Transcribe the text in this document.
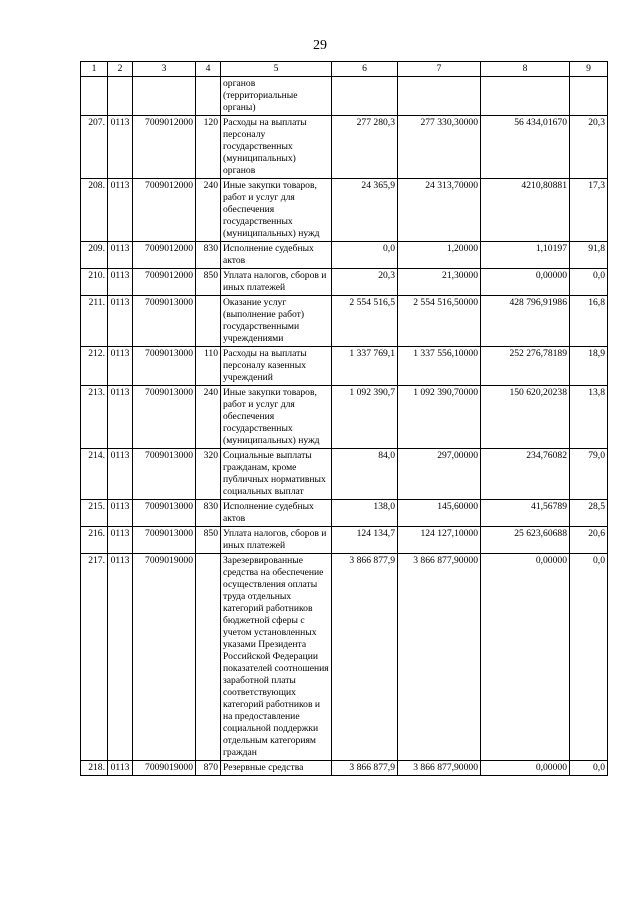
29
1	2	3	4	5	6	7	8	9
				органов (территориальные органы)				
207.	0113	7009012000	120	Расходы на выплаты персоналу государственных (муниципальных) органов	277 280,3	277 330,30000	56 434,01670	20,3
208.	0113	7009012000	240	Иные закупки товаров, работ и услуг для обеспечения государственных (муниципальных) нужд	24 365,9	24 313,70000	4210,80881	17,3
209.	0113	7009012000	830	Исполнение судебных актов	0,0	1,20000	1,10197	91,8
210.	0113	7009012000	850	Уплата налогов, сборов и иных платежей	20,3	21,30000	0,00000	0,0
211.	0113	7009013000		Оказание услуг (выполнение работ) государственными учреждениями	2 554 516,5	2 554 516,50000	428 796,91986	16,8
212.	0113	7009013000	110	Расходы на выплаты персоналу казенных учреждений	1 337 769,1	1 337 556,10000	252 276,78189	18,9
213.	0113	7009013000	240	Иные закупки товаров, работ и услуг для обеспечения государственных (муниципальных) нужд	1 092 390,7	1 092 390,70000	150 620,20238	13,8
214.	0113	7009013000	320	Социальные выплаты гражданам, кроме публичных нормативных социальных выплат	84,0	297,00000	234,76082	79,0
215.	0113	7009013000	830	Исполнение судебных актов	138,0	145,60000	41,56789	28,5
216.	0113	7009013000	850	Уплата налогов, сборов и иных платежей	124 134,7	124 127,10000	25 623,60688	20,6
217.	0113	7009019000		Зарезервированные средства на обеспечение осуществления оплаты труда отдельных категорий работников бюджетной сферы с учетом установленных указами Президента Российской Федерации показателей соотношения заработной платы соответствующих категорий работников и на предоставление социальной поддержки отдельным категориям граждан	3 866 877,9	3 866 877,90000	0,00000	0,0
218.	0113	7009019000	870	Резервные средства	3 866 877,9	3 866 877,90000	0,00000	0,0
